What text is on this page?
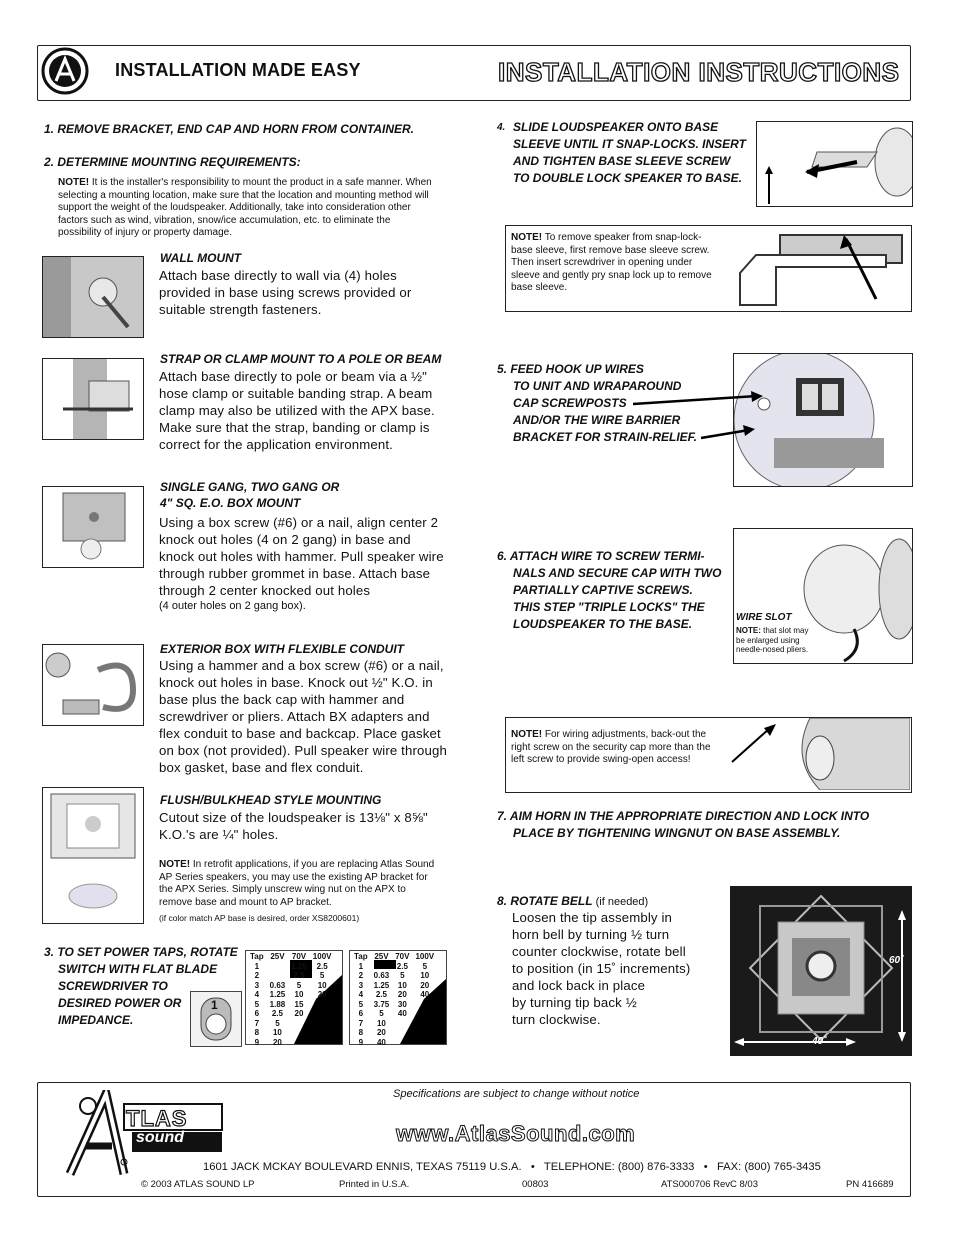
INSTALLATION MADE EASY	INSTALLATION INSTRUCTIONS
1. REMOVE BRACKET, END CAP AND HORN FROM CONTAINER.
2. DETERMINE MOUNTING REQUIREMENTS:
NOTE! It is the installer's responsibility to mount the product in a safe manner. When selecting a mounting location, make sure that the location and mounting method will support the weight of the loudspeaker. Additionally, take into consideration other factors such as wind, vibration, snow/ice accumulation, etc. to eliminate the possibility of injury or property damage.
WALL MOUNT
Attach base directly to wall via (4) holes provided in base using screws provided or suitable strength fasteners.
STRAP OR CLAMP MOUNT TO A POLE OR BEAM
Attach base directly to pole or beam via a ½" hose clamp or suitable banding strap. A beam clamp may also be utilized with the APX base. Make sure that the strap, banding or clamp is correct for the application environment.
SINGLE GANG, TWO GANG OR
4" SQ. E.O. BOX MOUNT
Using a box screw (#6) or a nail, align center 2 knock out holes (4 on 2 gang) in base and knock out holes with hammer. Pull speaker wire through rubber grommet in base. Attach base through 2 center knocked out holes
(4 outer holes on 2 gang box).
EXTERIOR BOX WITH FLEXIBLE CONDUIT
Using a hammer and a box screw (#6) or a nail, knock out holes in base. Knock out ½" K.O. in base plus the back cap with hammer and screwdriver or pliers. Attach BX adapters and flex conduit to base and backcap. Place gasket on box (not provided). Pull speaker wire through box gasket, base and flex conduit.
FLUSH/BULKHEAD STYLE MOUNTING
Cutout size of the loudspeaker is 13⅛" x 8⅝" K.O.'s are ¼" holes.
NOTE! In retrofit applications, if you are replacing Atlas Sound AP Series speakers, you may use the existing AP bracket for the APX Series. Simply unscrew wing nut on the APX to remove base and mount to AP bracket.
(if color match AP base is desired, order XS8200601)
3. TO SET POWER TAPS, ROTATE
SWITCH WITH FLAT BLADE
SCREWDRIVER TO
DESIRED POWER OR
IMPEDANCE.
1
Tap	25V	70V	100V
1		1.25	2.5
2		2.5	5
3	0.63	5	10
4	1.25	10	20
5	1.88	15	
6	2.5	20	
7	5		
8	10		
9	20		
Tap	25V	70V	100V
1		2.5	5
2	0.63	5	10
3	1.25	10	20
4	2.5	20	40
5	3.75	30	
6	5	40	
7	10		
8	20		
9	40		
4. SLIDE LOUDSPEAKER ONTO BASE
SLEEVE UNTIL IT SNAP-LOCKS. INSERT
AND TIGHTEN BASE SLEEVE SCREW
TO DOUBLE LOCK SPEAKER TO BASE.
NOTE! To remove speaker from snap-lock-base sleeve, first remove base sleeve screw. Then insert screwdriver in opening under sleeve and gently pry snap lock up to remove base sleeve.
5. FEED HOOK UP WIRES
TO UNIT AND WRAPAROUND
CAP SCREWPOSTS
AND/OR THE WIRE BARRIER
BRACKET FOR STRAIN-RELIEF.
6. ATTACH WIRE TO SCREW TERMI-
NALS AND SECURE CAP WITH TWO
PARTIALLY CAPTIVE SCREWS.
THIS STEP "TRIPLE LOCKS" THE
LOUDSPEAKER TO THE BASE.	WIRE SLOT
NOTE: that slot may be enlarged using needle-nosed pliers.
NOTE! For wiring adjustments, back-out the right screw on the security cap more than the left screw to provide swing-open access!
7. AIM HORN IN THE APPROPRIATE DIRECTION AND LOCK INTO
PLACE BY TIGHTENING WINGNUT ON BASE ASSEMBLY.
8. ROTATE BELL (if needed)
Loosen the tip assembly in
horn bell by turning ½ turn
counter clockwise, rotate bell
to position (in 15˚ increments)
and lock back in place
by turning tip back ½
turn clockwise.
60˚
40˚
Specifications are subject to change without notice
TLAS
sound	www.AtlasSound.com
1601 JACK MCKAY BOULEVARD ENNIS, TEXAS 75119 U.S.A.   •   TELEPHONE: (800) 876-3333   •   FAX: (800) 765-3435
© 2003 ATLAS SOUND LP	Printed in U.S.A.	00803	ATS000706 RevC 8/03	PN 416689
